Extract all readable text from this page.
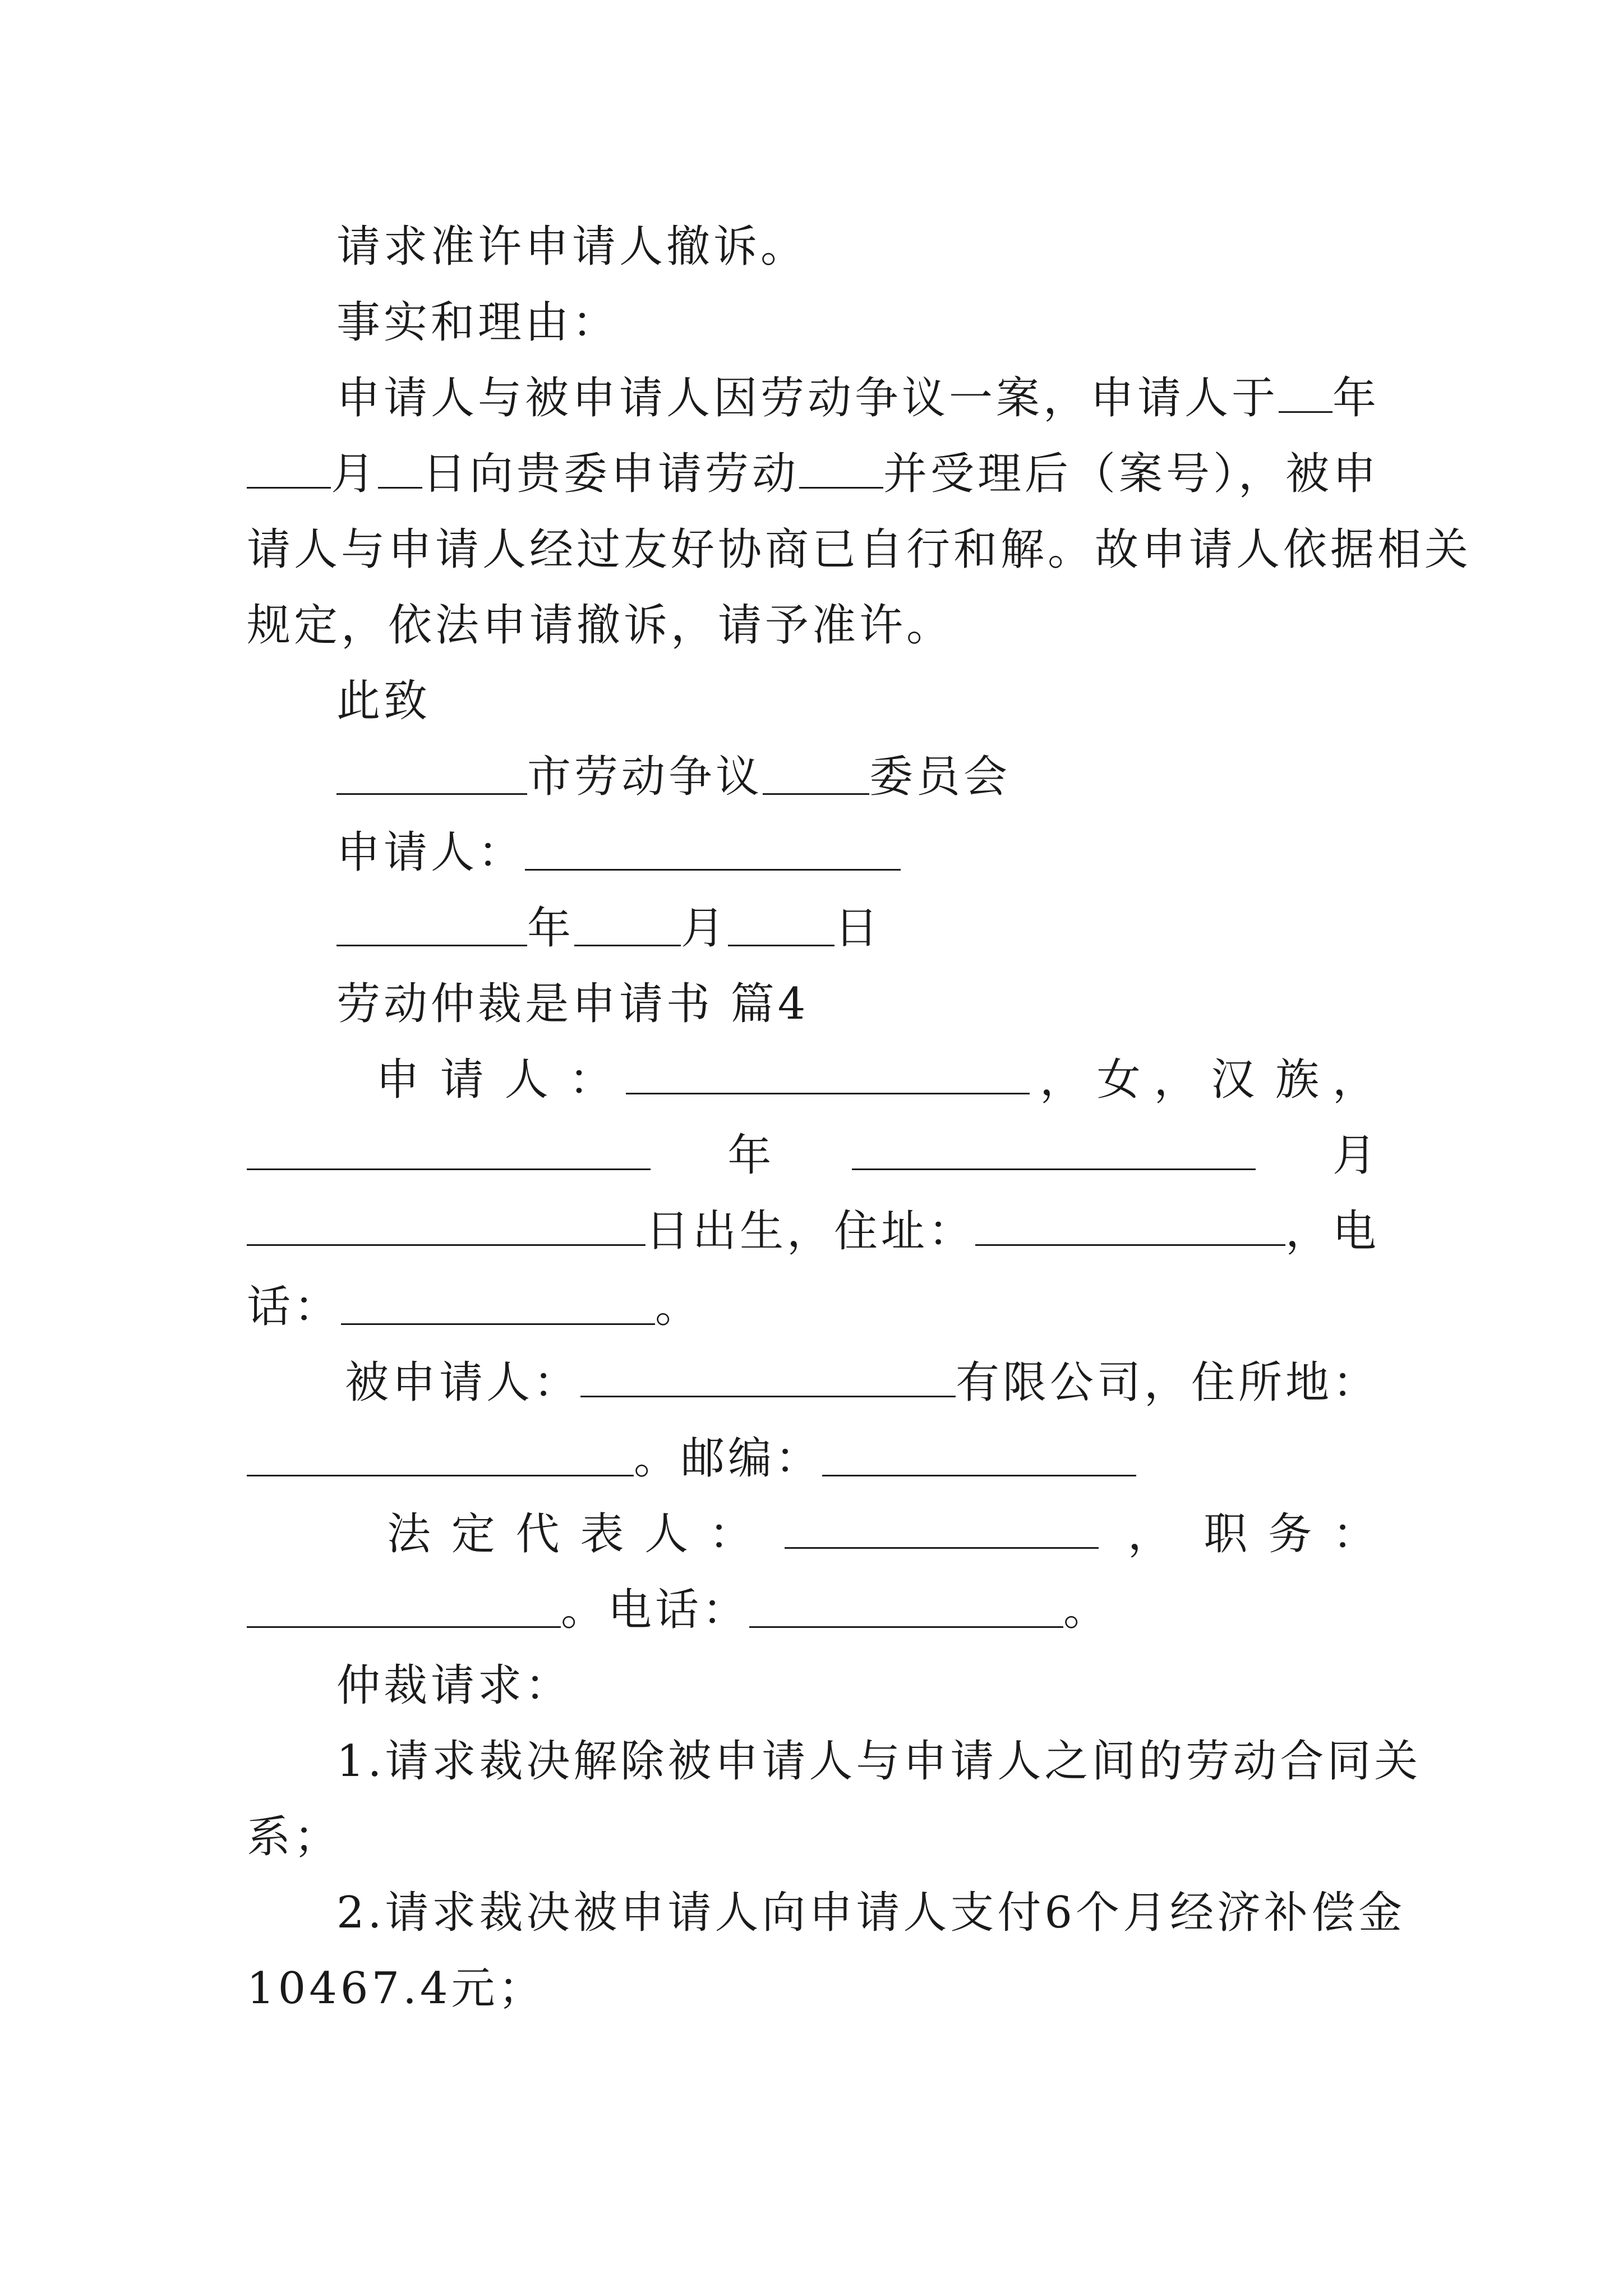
请求准许申请人撤诉。
事实和理由：
申请人与被申请人因劳动争议一案，申请人于 年
月 日向贵委申请劳动 并受理后（案号），被申
请人与申请人经过友好协商已自行和解。故申请人依据相关
规定，依法申请撤诉，请予准许。
此致
市劳动争议 委员会
申请人：
年 月 日
劳动仲裁是申请书 篇4
申 请 人 ：	， 女 ， 汉 族 ，
年	月
日出生，住址：	，电
话：	。
被申请人：	有限公司，住所地：
。邮编：
法 定 代 表 人 ：	， 职 务 ：
。电话：	。
仲裁请求：
1.请求裁决解除被申请人与申请人之间的劳动合同关
系；
2.请求裁决被申请人向申请人支付6个月经济补偿金
10467.4元；
